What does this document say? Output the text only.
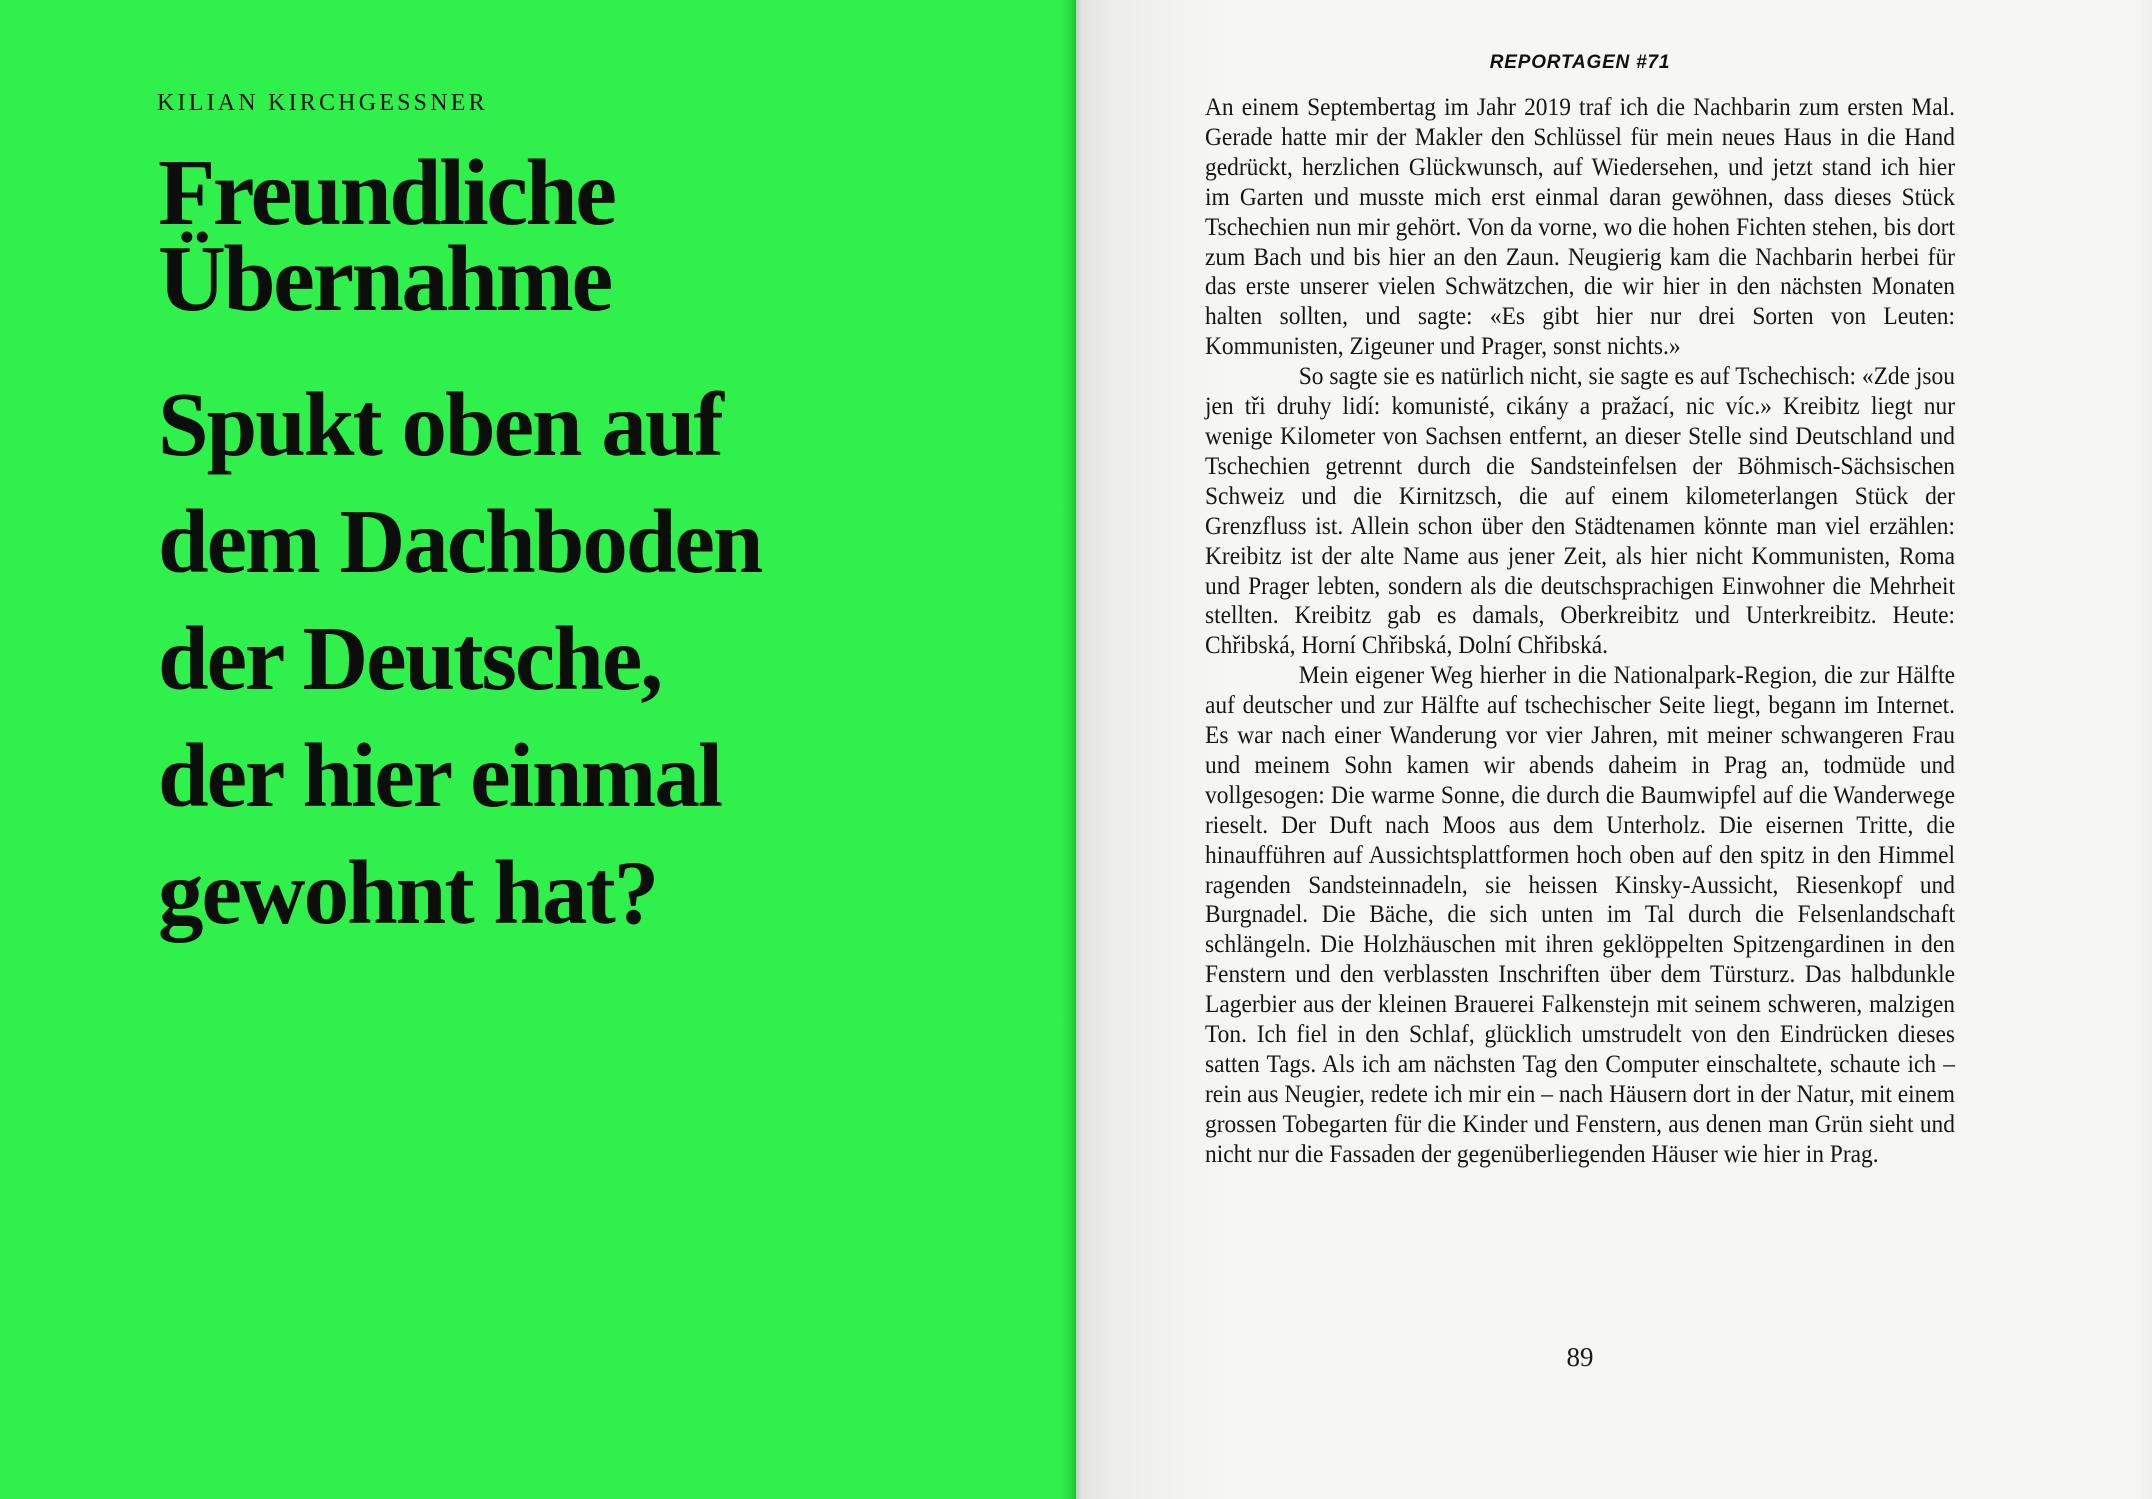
KILIAN KIRCHGESSNER
Freundliche
Übernahme
Spukt oben auf
dem Dachboden
der Deutsche,
der hier einmal
gewohnt hat?
REPORTAGEN #71

An einem Septembertag im Jahr 2019 traf ich die Nachbarin zum ersten Mal. Gerade hatte mir der Makler den Schlüssel für mein neues Haus in die Hand gedrückt, herzlichen Glückwunsch, auf Wiedersehen, und jetzt stand ich hier im Garten und musste mich erst einmal daran gewöhnen, dass dieses Stück Tschechien nun mir gehört. Von da vorne, wo die hohen Fichten stehen, bis dort zum Bach und bis hier an den Zaun. Neugierig kam die Nachbarin herbei für das erste unserer vielen Schwätzchen, die wir hier in den nächsten Monaten halten sollten, und sagte: «Es gibt hier nur drei Sorten von Leuten: Kommunisten, Zigeuner und Prager, sonst nichts.»

So sagte sie es natürlich nicht, sie sagte es auf Tschechisch: «Zde jsou jen tři druhy lidí: komunisté, cikány a pražací, nic víc.» Kreibitz liegt nur wenige Kilometer von Sachsen entfernt, an dieser Stelle sind Deutschland und Tschechien getrennt durch die Sandsteinfelsen der Böhmisch-Sächsischen Schweiz und die Kirnitzsch, die auf einem kilometerlangen Stück der Grenzfluss ist. Allein schon über den Städtenamen könnte man viel erzählen: Kreibitz ist der alte Name aus jener Zeit, als hier nicht Kommunisten, Roma und Prager lebten, sondern als die deutschsprachigen Einwohner die Mehrheit stellten. Kreibitz gab es damals, Oberkreibitz und Unterkreibitz. Heute: Chřibská, Horní Chřibská, Dolní Chřibská.

Mein eigener Weg hierher in die Nationalpark-Region, die zur Hälfte auf deutscher und zur Hälfte auf tschechischer Seite liegt, begann im Internet. Es war nach einer Wanderung vor vier Jahren, mit meiner schwangeren Frau und meinem Sohn kamen wir abends daheim in Prag an, todmüde und vollgesogen: Die warme Sonne, die durch die Baumwipfel auf die Wanderwege rieselt. Der Duft nach Moos aus dem Unterholz. Die eisernen Tritte, die hinaufführen auf Aussichtsplattformen hoch oben auf den spitz in den Himmel ragenden Sandsteinnadeln, sie heissen Kinsky-Aussicht, Riesenkopf und Burgnadel. Die Bäche, die sich unten im Tal durch die Felsenlandschaft schlängeln. Die Holzhäuschen mit ihren geklöppelten Spitzengardinen in den Fenstern und den verblassten Inschriften über dem Türsturz. Das halbdunkle Lagerbier aus der kleinen Brauerei Falkenstejn mit seinem schweren, malzigen Ton. Ich fiel in den Schlaf, glücklich umstrudelt von den Eindrücken dieses satten Tags. Als ich am nächsten Tag den Computer einschaltete, schaute ich – rein aus Neugier, redete ich mir ein – nach Häusern dort in der Natur, mit einem grossen Tobegarten für die Kinder und Fenstern, aus denen man Grün sieht und nicht nur die Fassaden der gegenüberliegenden Häuser wie hier in Prag.

89
